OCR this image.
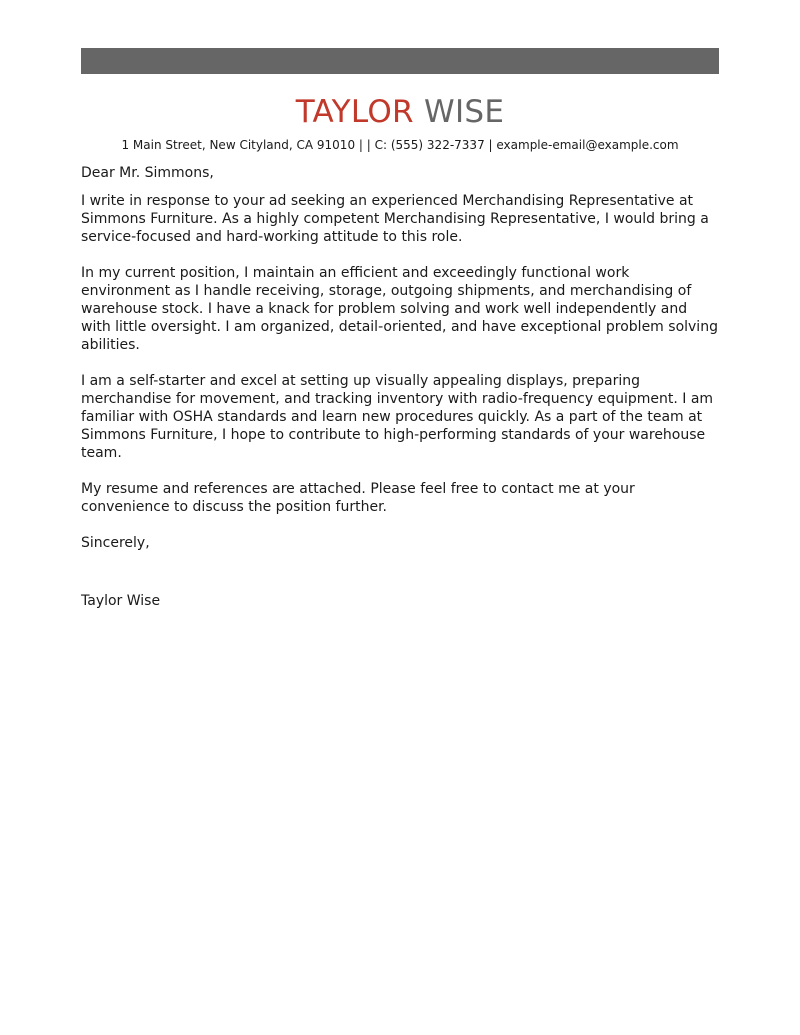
TAYLOR WISE
1 Main Street, New Cityland, CA 91010 | | C: (555) 322-7337 | example-email@example.com

Dear Mr. Simmons,

I write in response to your ad seeking an experienced Merchandising Representative at Simmons Furniture. As a highly competent Merchandising Representative, I would bring a service-focused and hard-working attitude to this role.

In my current position, I maintain an efficient and exceedingly functional work environment as I handle receiving, storage, outgoing shipments, and merchandising of warehouse stock. I have a knack for problem solving and work well independently and with little oversight. I am organized, detail-oriented, and have exceptional problem solving abilities.

I am a self-starter and excel at setting up visually appealing displays, preparing merchandise for movement, and tracking inventory with radio-frequency equipment. I am familiar with OSHA standards and learn new procedures quickly. As a part of the team at Simmons Furniture, I hope to contribute to high-performing standards of your warehouse team.

My resume and references are attached. Please feel free to contact me at your convenience to discuss the position further.

Sincerely,

Taylor Wise
